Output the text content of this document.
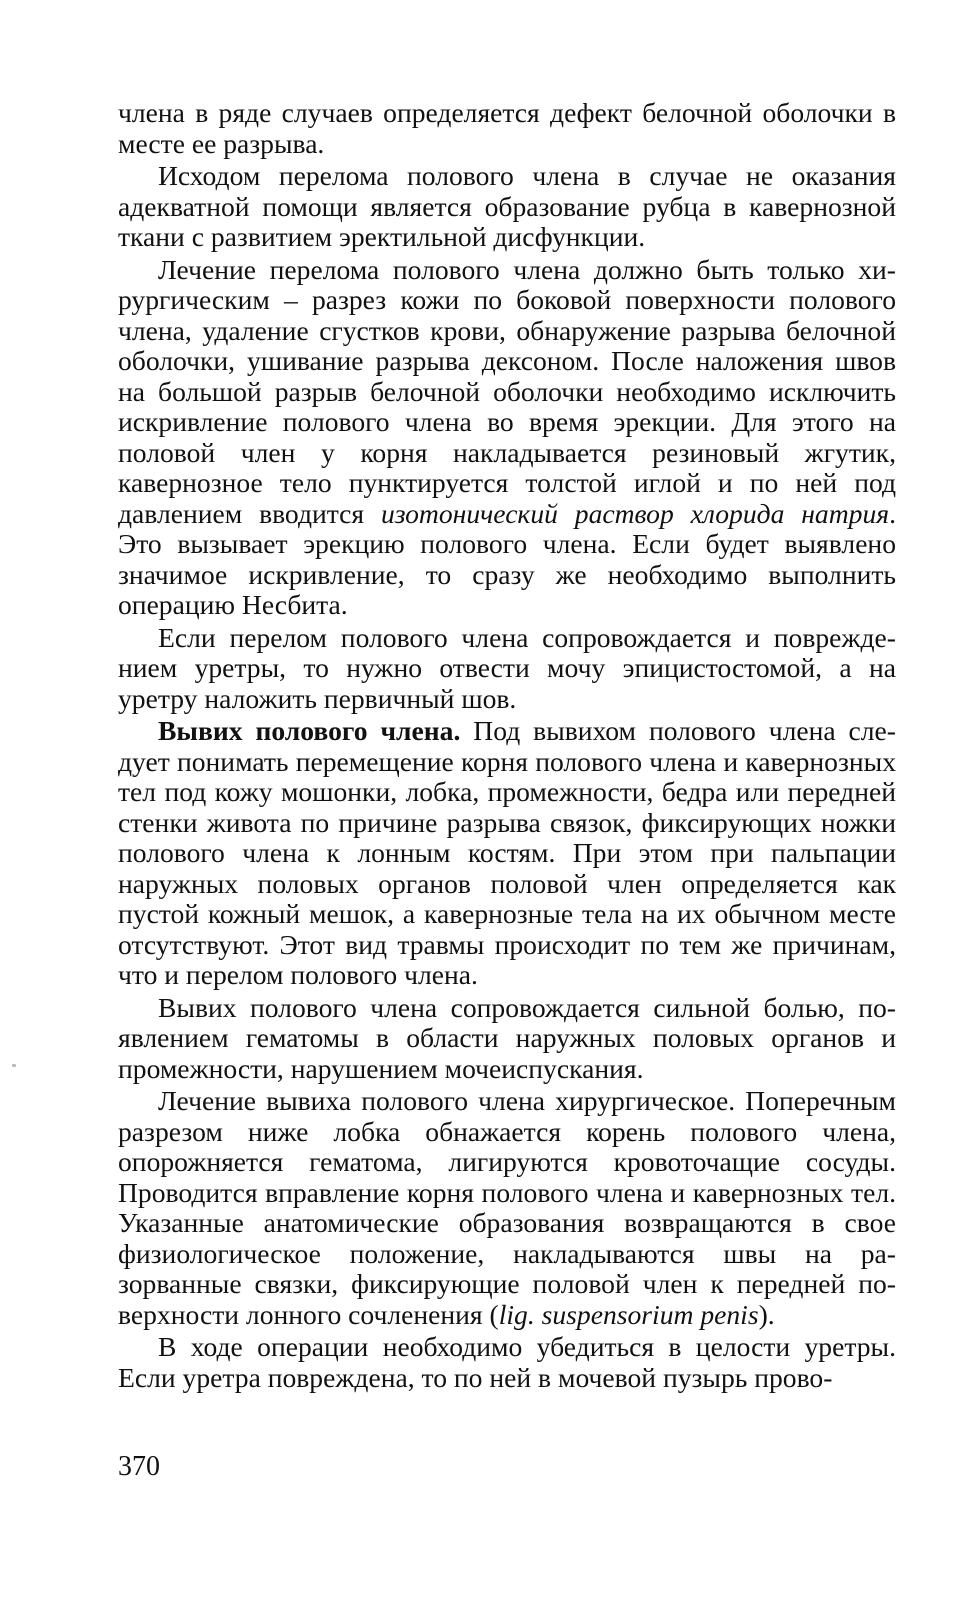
члена в ряде случаев определяется дефект белочной оболочки в месте ее разрыва.

Исходом перелома полового члена в случае не оказания адекватной помощи является образование рубца в кавернозной ткани с развитием эректильной дисфункции.

Лечение перелома полового члена должно быть только хирургическим – разрез кожи по боковой поверхности полового члена, удаление сгустков крови, обнаружение разрыва белочной оболочки, ушивание разрыва дексоном. После наложения швов на большой разрыв белочной оболочки необходимо исключить искривление полового члена во время эрекции. Для этого на половой член у корня накладывается резиновый жгутик, кавернозное тело пунктируется толстой иглой и по ней под давлением вводится изотонический раствор хлорида натрия. Это вызывает эрекцию полового члена. Если будет выявлено значимое искривление, то сразу же необходимо выполнить операцию Несбита.

Если перелом полового члена сопровождается и повреждением уретры, то нужно отвести мочу эпицистостомой, а на уретру наложить первичный шов.

Вывих полового члена. Под вывихом полового члена следует понимать перемещение корня полового члена и кавернозных тел под кожу мошонки, лобка, промежности, бедра или передней стенки живота по причине разрыва связок, фиксирующих ножки полового члена к лонным костям. При этом при пальпации наружных половых органов половой член определяется как пустой кожный мешок, а кавернозные тела на их обычном месте отсутствуют. Этот вид травмы происходит по тем же причинам, что и перелом полового члена.

Вывих полового члена сопровождается сильной болью, появлением гематомы в области наружных половых органов и промежности, нарушением мочеиспускания.

Лечение вывиха полового члена хирургическое. Поперечным разрезом ниже лобка обнажается корень полового члена, опорожняется гематома, лигируются кровоточащие сосуды. Проводится вправление корня полового члена и кавернозных тел. Указанные анатомические образования возвращаются в свое физиологическое положение, накладываются швы на разорванные связки, фиксирующие половой член к передней поверхности лонного сочленения (lig. suspensorium penis).

В ходе операции необходимо убедиться в целости уретры. Если уретра повреждена, то по ней в мочевой пузырь прово-

370
